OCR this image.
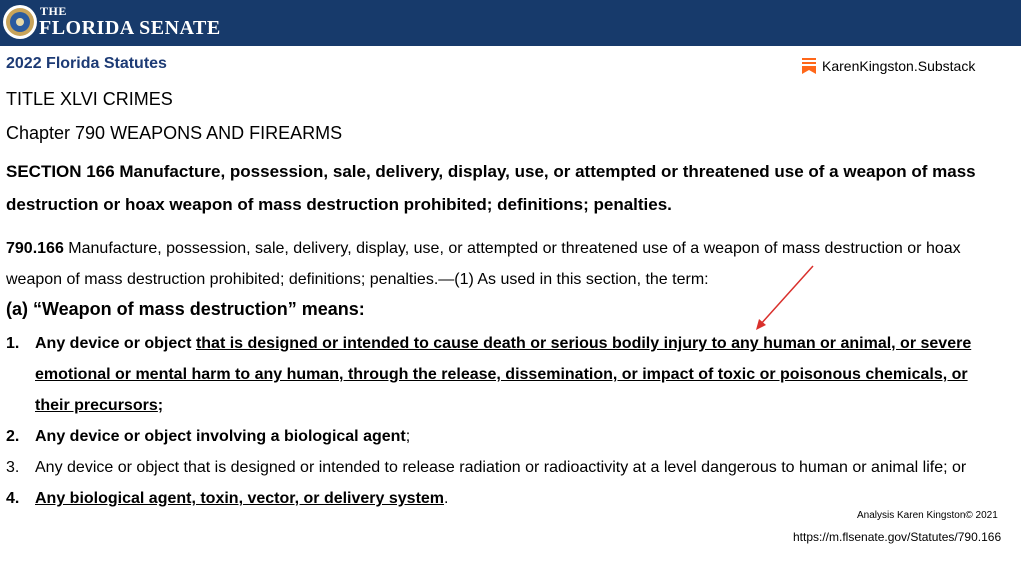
THE
FLORIDA SENATE
2022 Florida Statutes	KarenKingston.Substack
TITLE XLVI CRIMES
Chapter 790 WEAPONS AND FIREARMS
SECTION 166 Manufacture, possession, sale, delivery, display, use, or attempted or threatened use of a weapon of mass destruction or hoax weapon of mass destruction prohibited; definitions; penalties.
790.166 Manufacture, possession, sale, delivery, display, use, or attempted or threatened use of a weapon of mass destruction or hoax weapon of mass destruction prohibited; definitions; penalties.—(1) As used in this section, the term:
(a) “Weapon of mass destruction” means:
1. Any device or object that is designed or intended to cause death or serious bodily injury to any human or animal, or severe emotional or mental harm to any human, through the release, dissemination, or impact of toxic or poisonous chemicals, or their precursors;
2. Any device or object involving a biological agent;
3. Any device or object that is designed or intended to release radiation or radioactivity at a level dangerous to human or animal life; or
4. Any biological agent, toxin, vector, or delivery system.
Analysis Karen Kingston© 2021
https://m.flsenate.gov/Statutes/790.166
